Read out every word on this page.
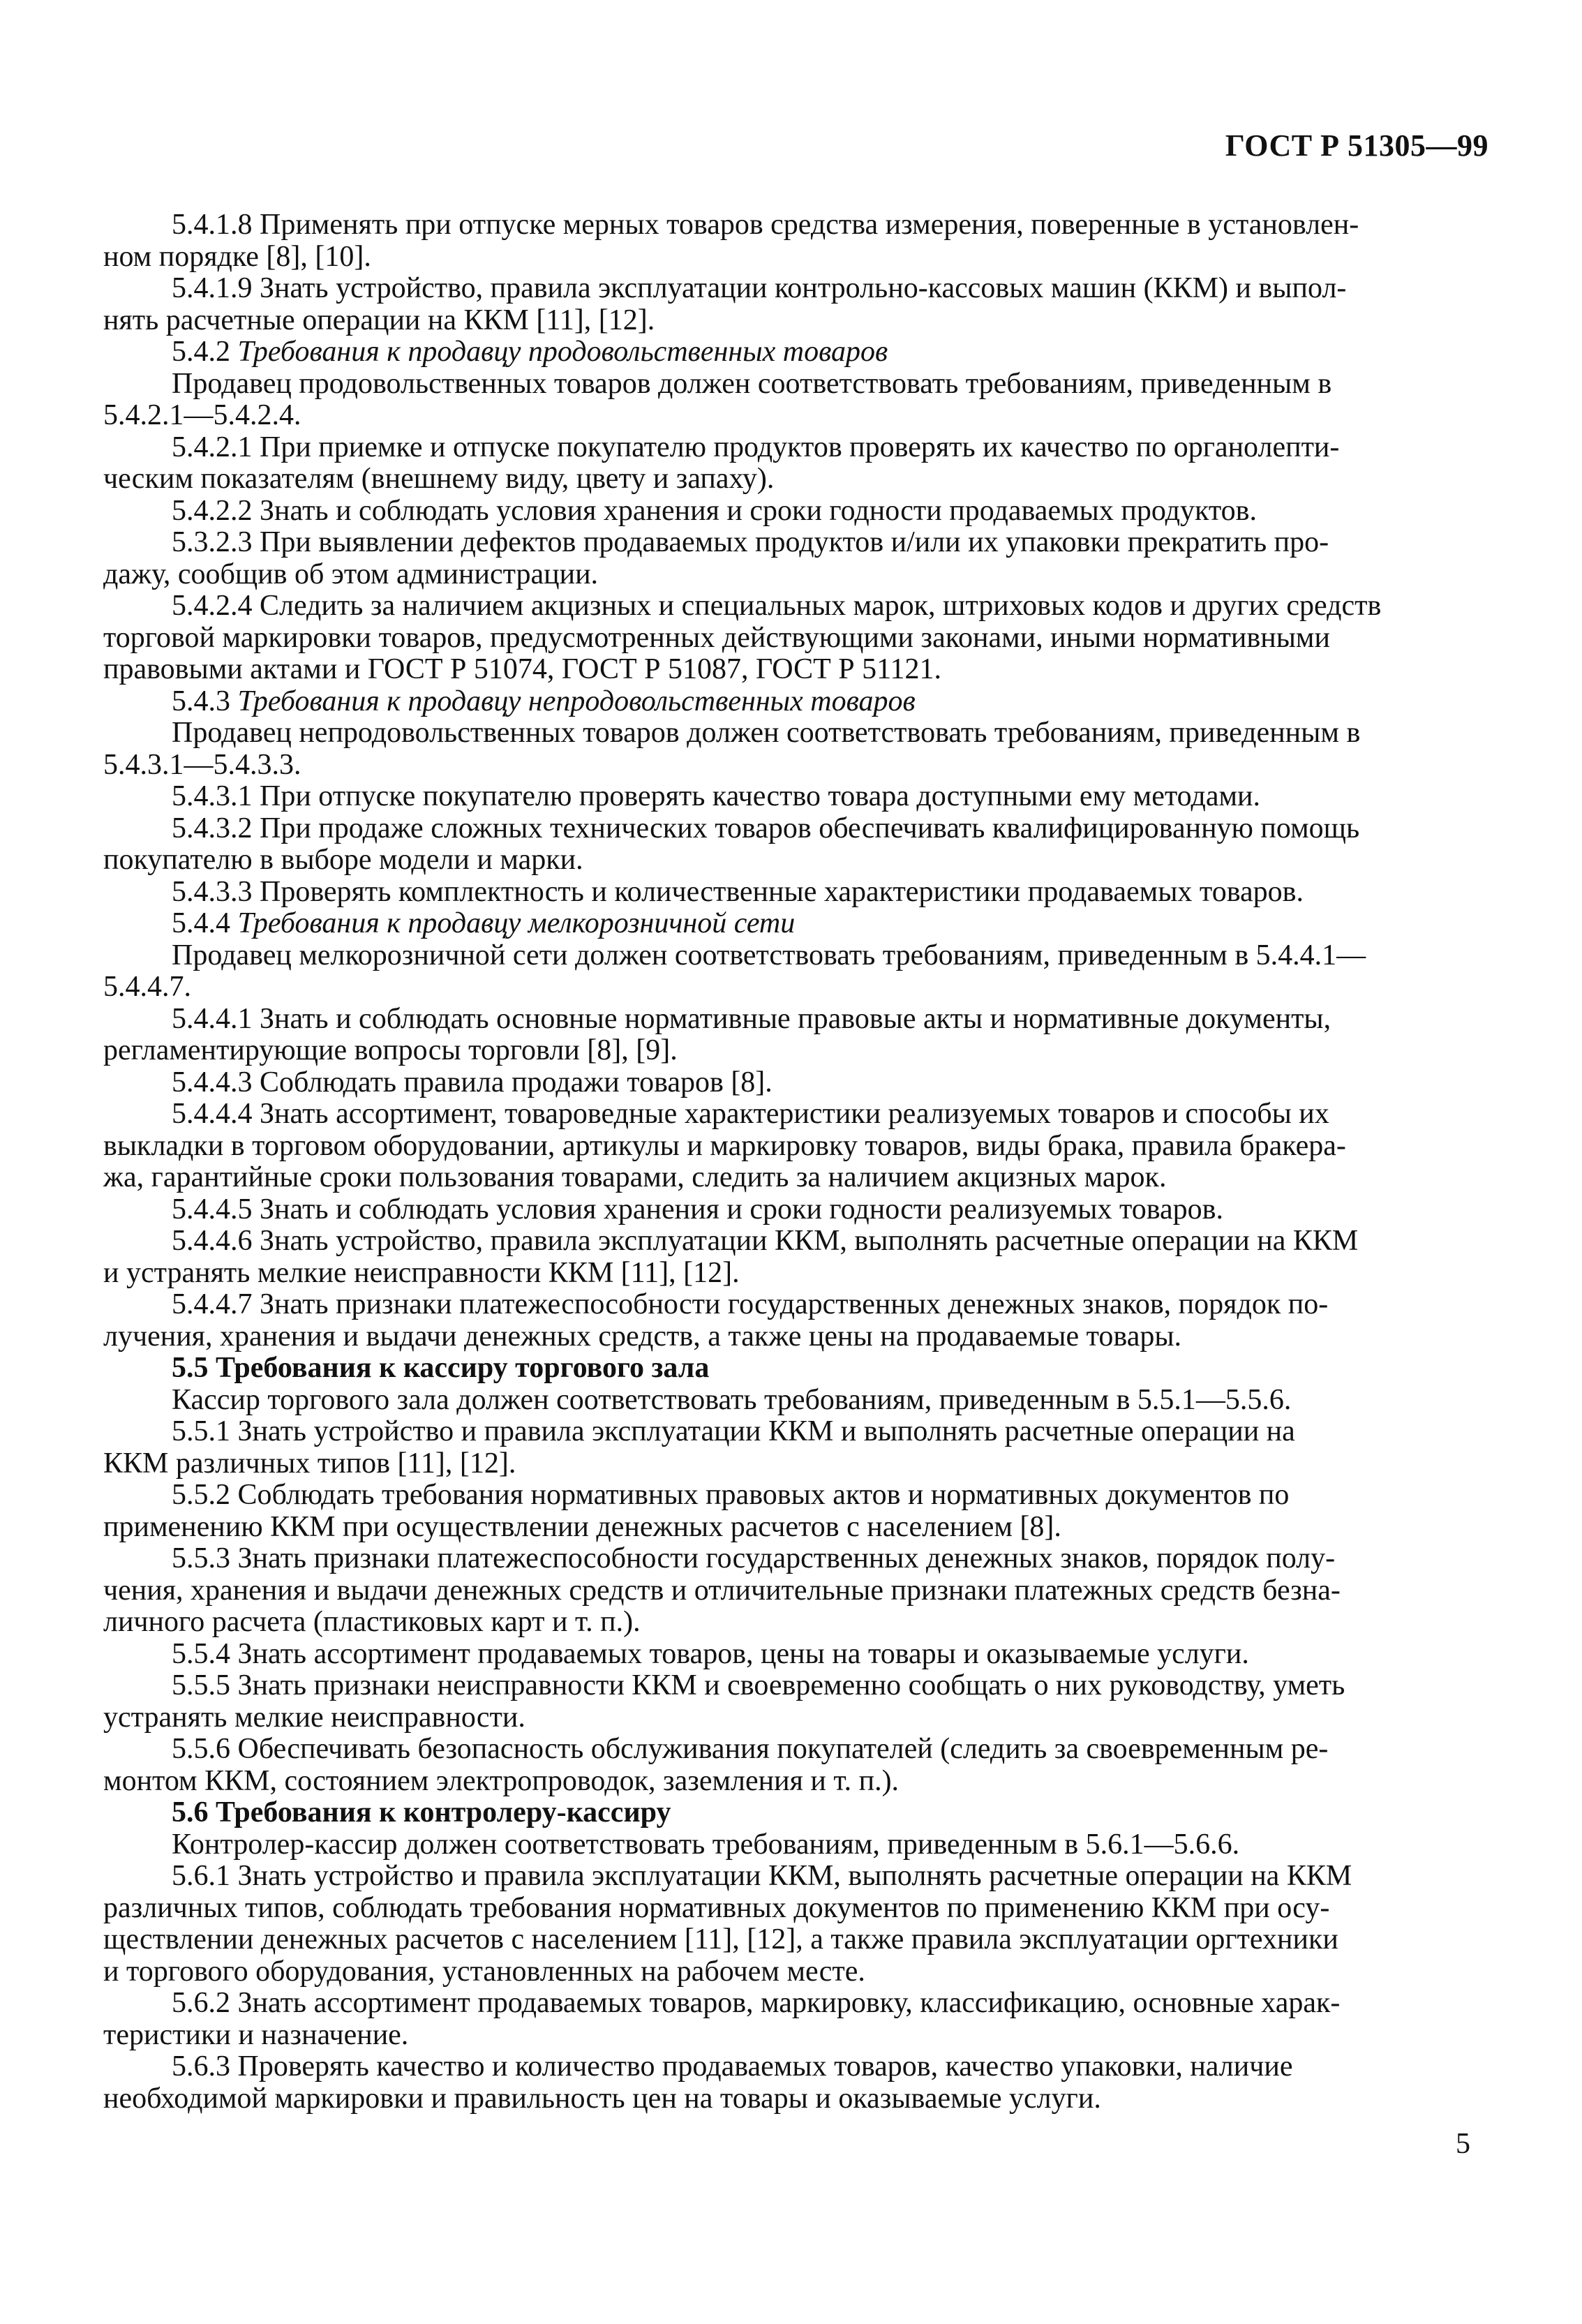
ГОСТ Р 51305—99
5.4.1.8 Применять при отпуске мерных товаров средства измерения, поверенные в установлен-
ном порядке [8], [10].
5.4.1.9 Знать устройство, правила эксплуатации контрольно-кассовых машин (ККМ) и выпол-
нять расчетные операции на ККМ [11], [12].
5.4.2 Требования к продавцу продовольственных товаров
Продавец продовольственных товаров должен соответствовать требованиям, приведенным в
5.4.2.1—5.4.2.4.
5.4.2.1 При приемке и отпуске покупателю продуктов проверять их качество по органолепти-
ческим показателям (внешнему виду, цвету и запаху).
5.4.2.2 Знать и соблюдать условия хранения и сроки годности продаваемых продуктов.
5.3.2.3 При выявлении дефектов продаваемых продуктов и/или их упаковки прекратить про-
дажу, сообщив об этом администрации.
5.4.2.4 Следить за наличием акцизных и специальных марок, штриховых кодов и других средств
торговой маркировки товаров, предусмотренных действующими законами, иными нормативными
правовыми актами и ГОСТ Р 51074, ГОСТ Р 51087, ГОСТ Р 51121.
5.4.3 Требования к продавцу непродовольственных товаров
Продавец непродовольственных товаров должен соответствовать требованиям, приведенным в
5.4.3.1—5.4.3.3.
5.4.3.1 При отпуске покупателю проверять качество товара доступными ему методами.
5.4.3.2 При продаже сложных технических товаров обеспечивать квалифицированную помощь
покупателю в выборе модели и марки.
5.4.3.3 Проверять комплектность и количественные характеристики продаваемых товаров.
5.4.4 Требования к продавцу мелкорозничной сети
Продавец мелкорозничной сети должен соответствовать требованиям, приведенным в 5.4.4.1—
5.4.4.7.
5.4.4.1 Знать и соблюдать основные нормативные правовые акты и нормативные документы,
регламентирующие вопросы торговли [8], [9].
5.4.4.3 Соблюдать правила продажи товаров [8].
5.4.4.4 Знать ассортимент, товароведные характеристики реализуемых товаров и способы их
выкладки в торговом оборудовании, артикулы и маркировку товаров, виды брака, правила бракера-
жа, гарантийные сроки пользования товарами, следить за наличием акцизных марок.
5.4.4.5 Знать и соблюдать условия хранения и сроки годности реализуемых товаров.
5.4.4.6 Знать устройство, правила эксплуатации ККМ, выполнять расчетные операции на ККМ
и устранять мелкие неисправности ККМ [11], [12].
5.4.4.7 Знать признаки платежеспособности государственных денежных знаков, порядок по-
лучения, хранения и выдачи денежных средств, а также цены на продаваемые товары.
5.5 Требования к кассиру торгового зала
Кассир торгового зала должен соответствовать требованиям, приведенным в 5.5.1—5.5.6.
5.5.1 Знать устройство и правила эксплуатации ККМ и выполнять расчетные операции на
ККМ различных типов [11], [12].
5.5.2 Соблюдать требования нормативных правовых актов и нормативных документов по
применению ККМ при осуществлении денежных расчетов с населением [8].
5.5.3 Знать признаки платежеспособности государственных денежных знаков, порядок полу-
чения, хранения и выдачи денежных средств и отличительные признаки платежных средств безна-
личного расчета (пластиковых карт и т. п.).
5.5.4 Знать ассортимент продаваемых товаров, цены на товары и оказываемые услуги.
5.5.5 Знать признаки неисправности ККМ и своевременно сообщать о них руководству, уметь
устранять мелкие неисправности.
5.5.6 Обеспечивать безопасность обслуживания покупателей (следить за своевременным ре-
монтом ККМ, состоянием электропроводок, заземления и т. п.).
5.6 Требования к контролеру-кассиру
Контролер-кассир должен соответствовать требованиям, приведенным в 5.6.1—5.6.6.
5.6.1 Знать устройство и правила эксплуатации ККМ, выполнять расчетные операции на ККМ
различных типов, соблюдать требования нормативных документов по применению ККМ при осу-
ществлении денежных расчетов с населением [11], [12], а также правила эксплуатации оргтехники
и торгового оборудования, установленных на рабочем месте.
5.6.2 Знать ассортимент продаваемых товаров, маркировку, классификацию, основные харак-
теристики и назначение.
5.6.3 Проверять качество и количество продаваемых товаров, качество упаковки, наличие
необходимой маркировки и правильность цен на товары и оказываемые услуги.
5
